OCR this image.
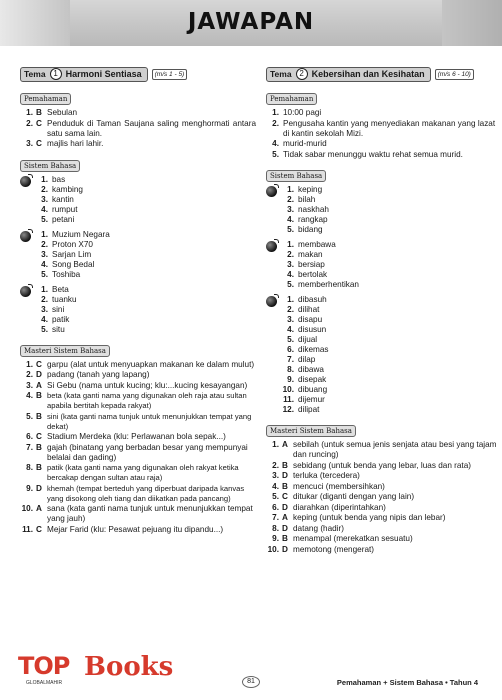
JAWAPAN
Tema 1 Harmoni Sentiasa	(m/s 1 - 5)
Pemahaman
1. B Sebulan
2. C Penduduk di Taman Saujana saling menghormati antara satu sama lain.
3. C majlis hari lahir.
Sistem Bahasa
1. bas
2. kambing
3. kantin
4. rumput
5. petani
1. Muzium Negara
2. Proton X70
3. Sarjan Lim
4. Song Bedal
5. Toshiba
1. Beta
2. tuanku
3. sini
4. patik
5. situ
Masteri Sistem Bahasa
1. C garpu (alat untuk menyuapkan makanan ke dalam mulut)
2. D padang (tanah yang lapang)
3. A Si Gebu (nama untuk kucing; klu:...kucing kesayangan)
4. B beta (kata ganti nama yang digunakan oleh raja atau sultan apabila bertitah kepada rakyat)
5. B sini (kata ganti nama tunjuk untuk menunjukkan tempat yang dekat)
6. C Stadium Merdeka (klu: Perlawanan bola sepak...)
7. B gajah (binatang yang berbadan besar yang mempunyai belalai dan gading)
8. B patik (kata ganti nama yang digunakan oleh rakyat ketika bercakap dengan sultan atau raja)
9. D khemah (tempat berteduh yang diperbuat daripada kanvas yang disokong oleh tiang dan diikatkan pada pancang)
10. A sana (kata ganti nama tunjuk untuk menunjukkan tempat yang jauh)
11. C Mejar Farid (klu: Pesawat pejuang itu dipandu...)
Tema 2 Kebersihan dan Kesihatan	(m/s 6 - 10)
Pemahaman
1. 10:00 pagi
2. Pengusaha kantin yang menyediakan makanan yang lazat di kantin sekolah Mizi.
4. murid-murid
5. Tidak sabar menunggu waktu rehat semua murid.
Sistem Bahasa
1. keping
2. bilah
3. naskhah
4. rangkap
5. bidang
1. membawa
2. makan
3. bersiap
4. bertolak
5. memberhentikan
1. dibasuh
2. dilihat
3. disapu
4. disusun
5. dijual
6. dikemas
7. dilap
8. dibawa
9. disepak
10. dibuang
11. dijemur
12. dilipat
Masteri Sistem Bahasa
1. A sebilah (untuk semua jenis senjata atau besi yang tajam dan runcing)
2. B sebidang (untuk benda yang lebar, luas dan rata)
3. D terluka (tercedera)
4. B mencuci (membersihkan)
5. C ditukar (diganti dengan yang lain)
6. D diarahkan (diperintahkan)
7. A keping (untuk benda yang nipis dan lebar)
8. D datang (hadir)
9. B menampal (merekatkan sesuatu)
10. D memotong (mengerat)
TOP Books
GLOBALMAHIR	81	Pemahaman + Sistem Bahasa • Tahun 4
